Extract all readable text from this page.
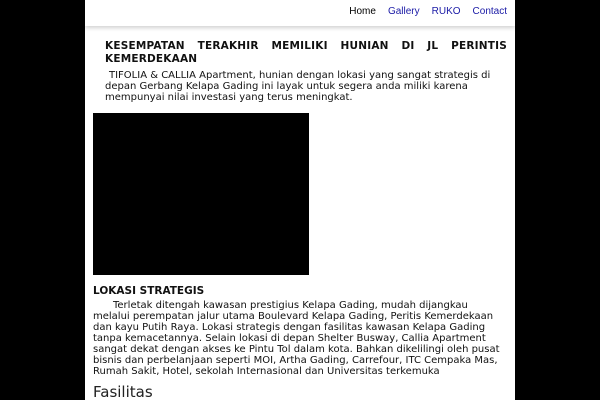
Home Gallery RUKO Contact
KESEMPATAN TERAKHIR MEMILIKI HUNIAN DI JL PERINTIS KEMERDEKAAN

TIFOLIA & CALLIA Apartment, hunian dengan lokasi yang sangat strategis di depan Gerbang Kelapa Gading ini layak untuk segera anda miliki karena mempunyai nilai investasi yang terus meningkat.

LOKASI STRATEGIS

Terletak ditengah kawasan prestigius Kelapa Gading, mudah dijangkau melalui perempatan jalur utama Boulevard Kelapa Gading, Peritis Kemerdekaan dan kayu Putih Raya. Lokasi strategis dengan fasilitas kawasan Kelapa Gading tanpa kemacetannya. Selain lokasi di depan Shelter Busway, Callia Apartment sangat dekat dengan akses ke Pintu Tol dalam kota. Bahkan dikelilingi oleh pusat bisnis dan perbelanjaan seperti MOI, Artha Gading, Carrefour, ITC Cempaka Mas, Rumah Sakit, Hotel, sekolah Internasional dan Universitas terkemuka

Fasilitas
